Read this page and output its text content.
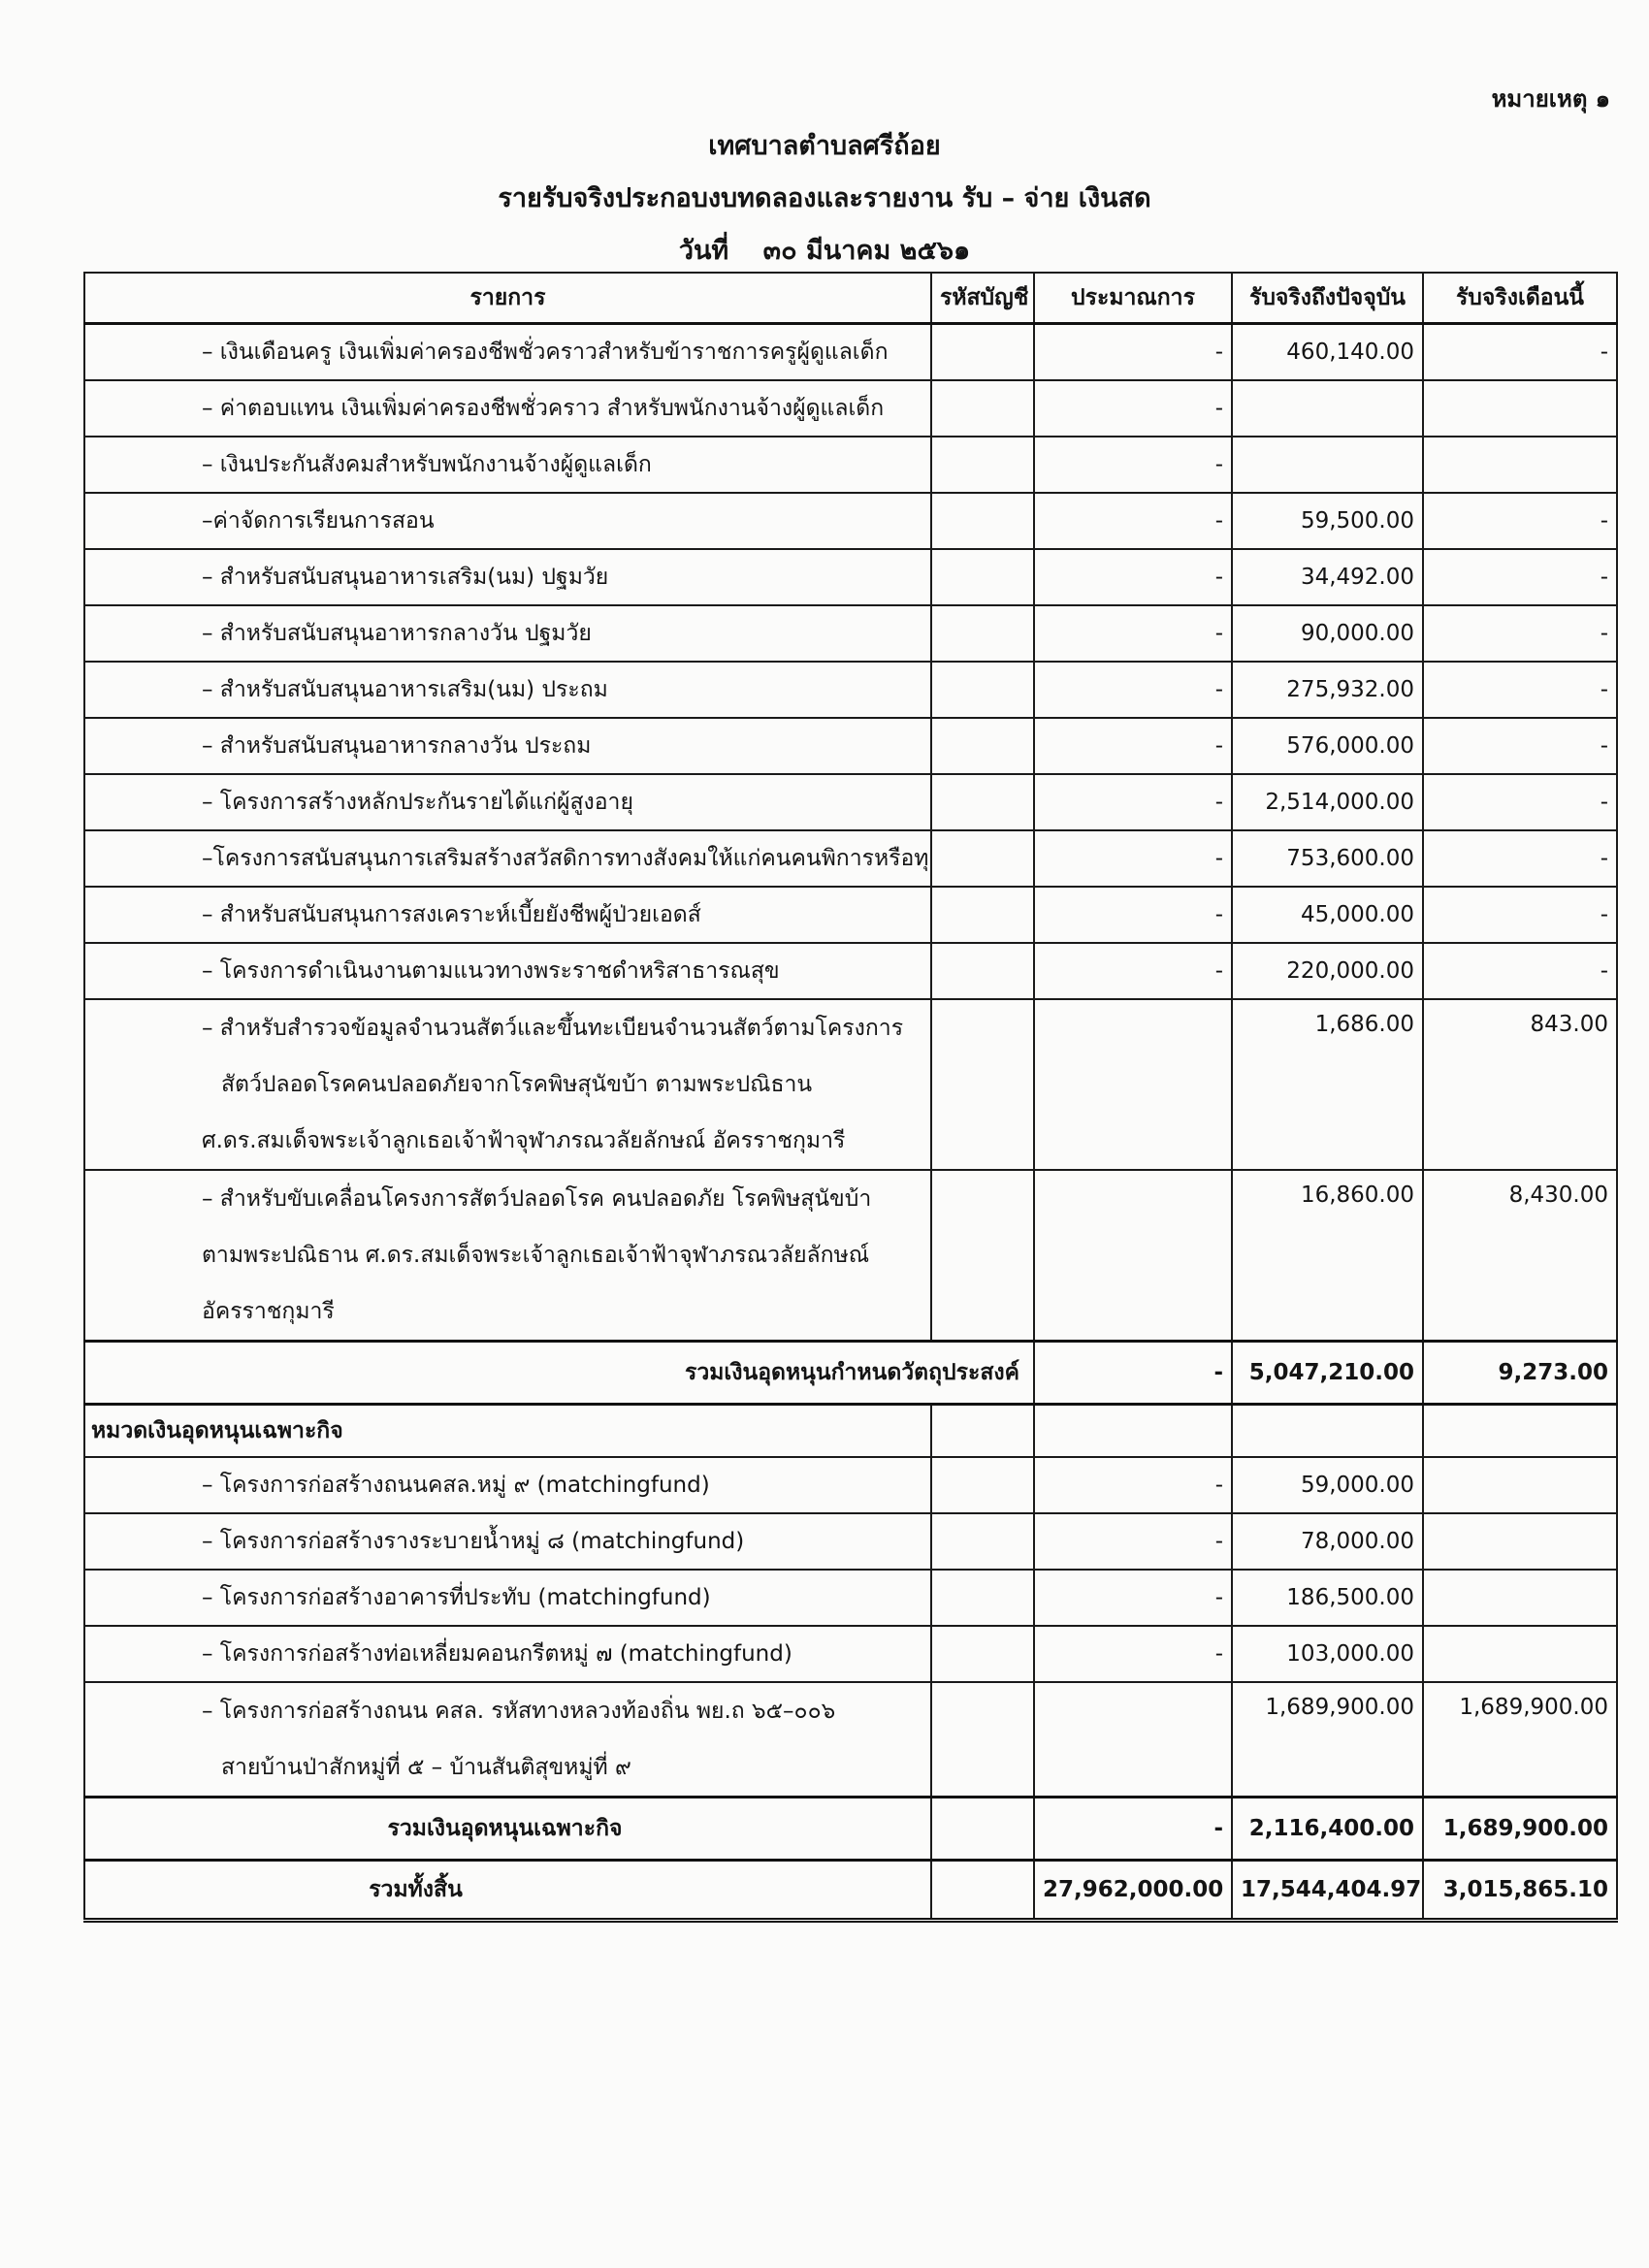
หมายเหตุ ๑
เทศบาลตำบลศรีถ้อย
รายรับจริงประกอบงบทดลองและรายงาน รับ – จ่าย เงินสด
วันที่ ๓๐ มีนาคม ๒๕๖๑
รายการ	รหัสบัญชี	ประมาณการ	รับจริงถึงปัจจุบัน	รับจริงเดือนนี้
– เงินเดือนครู เงินเพิ่มค่าครองชีพชั่วคราวสำหรับข้าราชการครูผู้ดูแลเด็ก		-	460,140.00	-
– ค่าตอบแทน เงินเพิ่มค่าครองชีพชั่วคราว สำหรับพนักงานจ้างผู้ดูแลเด็ก		-		
– เงินประกันสังคมสำหรับพนักงานจ้างผู้ดูแลเด็ก		-		
–ค่าจัดการเรียนการสอน		-	59,500.00	-
– สำหรับสนับสนุนอาหารเสริม(นม) ปฐมวัย		-	34,492.00	-
– สำหรับสนับสนุนอาหารกลางวัน ปฐมวัย		-	90,000.00	-
– สำหรับสนับสนุนอาหารเสริม(นม) ประถม		-	275,932.00	-
– สำหรับสนับสนุนอาหารกลางวัน ประถม		-	576,000.00	-
– โครงการสร้างหลักประกันรายได้แก่ผู้สูงอายุ		-	2,514,000.00	-
–โครงการสนับสนุนการเสริมสร้างสวัสดิการทางสังคมให้แก่คนคนพิการหรือทุ		-	753,600.00	-
– สำหรับสนับสนุนการสงเคราะห์เบี้ยยังชีพผู้ป่วยเอดส์		-	45,000.00	-
– โครงการดำเนินงานตามแนวทางพระราชดำหริสาธารณสุข		-	220,000.00	-

– สำหรับสำรวจข้อมูลจำนวนสัตว์และขึ้นทะเบียนจำนวนสัตว์ตามโครงการ
สัตว์ปลอดโรคคนปลอดภัยจากโรคพิษสุนัขบ้า ตามพระปณิธาน
ศ.ดร.สมเด็จพระเจ้าลูกเธอเจ้าฟ้าจุฬาภรณวลัยลักษณ์ อัครราชกุมารี			1,686.00	843.00

– สำหรับขับเคลื่อนโครงการสัตว์ปลอดโรค คนปลอดภัย โรคพิษสุนัขบ้า
ตามพระปณิธาน ศ.ดร.สมเด็จพระเจ้าลูกเธอเจ้าฟ้าจุฬาภรณวลัยลักษณ์
อัครราชกุมารี			16,860.00	8,430.00
รวมเงินอุดหนุนกำหนดวัตถุประสงค์		-	5,047,210.00	9,273.00
หมวดเงินอุดหนุนเฉพาะกิจ				
– โครงการก่อสร้างถนนคสล.หมู่ ๙ (matchingfund)		-	59,000.00	
– โครงการก่อสร้างรางระบายน้ำหมู่ ๘ (matchingfund)		-	78,000.00	
– โครงการก่อสร้างอาคารที่ประทับ (matchingfund)		-	186,500.00	
– โครงการก่อสร้างท่อเหลี่ยมคอนกรีตหมู่ ๗ (matchingfund)		-	103,000.00	

– โครงการก่อสร้างถนน คสล. รหัสทางหลวงท้องถิ่น พย.ถ ๖๕–๐๐๖
สายบ้านป่าสักหมู่ที่ ๕ – บ้านสันติสุขหมู่ที่ ๙			1,689,900.00	1,689,900.00
รวมเงินอุดหนุนเฉพาะกิจ		-	2,116,400.00	1,689,900.00
รวมทั้งสิ้น		27,962,000.00	17,544,404.97	3,015,865.10
